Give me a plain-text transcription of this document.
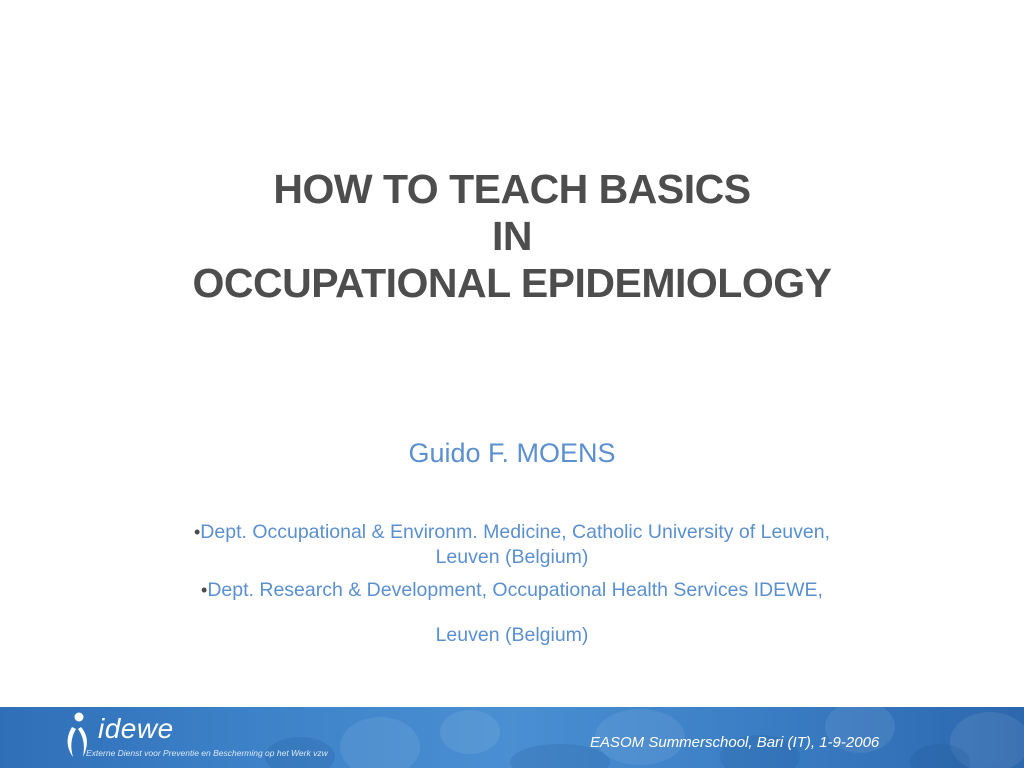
HOW TO TEACH BASICS
IN
OCCUPATIONAL EPIDEMIOLOGY
Guido F. MOENS
•Dept. Occupational & Environm. Medicine, Catholic University of Leuven,
Leuven (Belgium)
•Dept. Research & Development, Occupational Health Services IDEWE,
Leuven (Belgium)
idewe
Externe Dienst voor Preventie en Bescherming op het Werk vzw
EASOM Summerschool, Bari (IT), 1-9-2006
